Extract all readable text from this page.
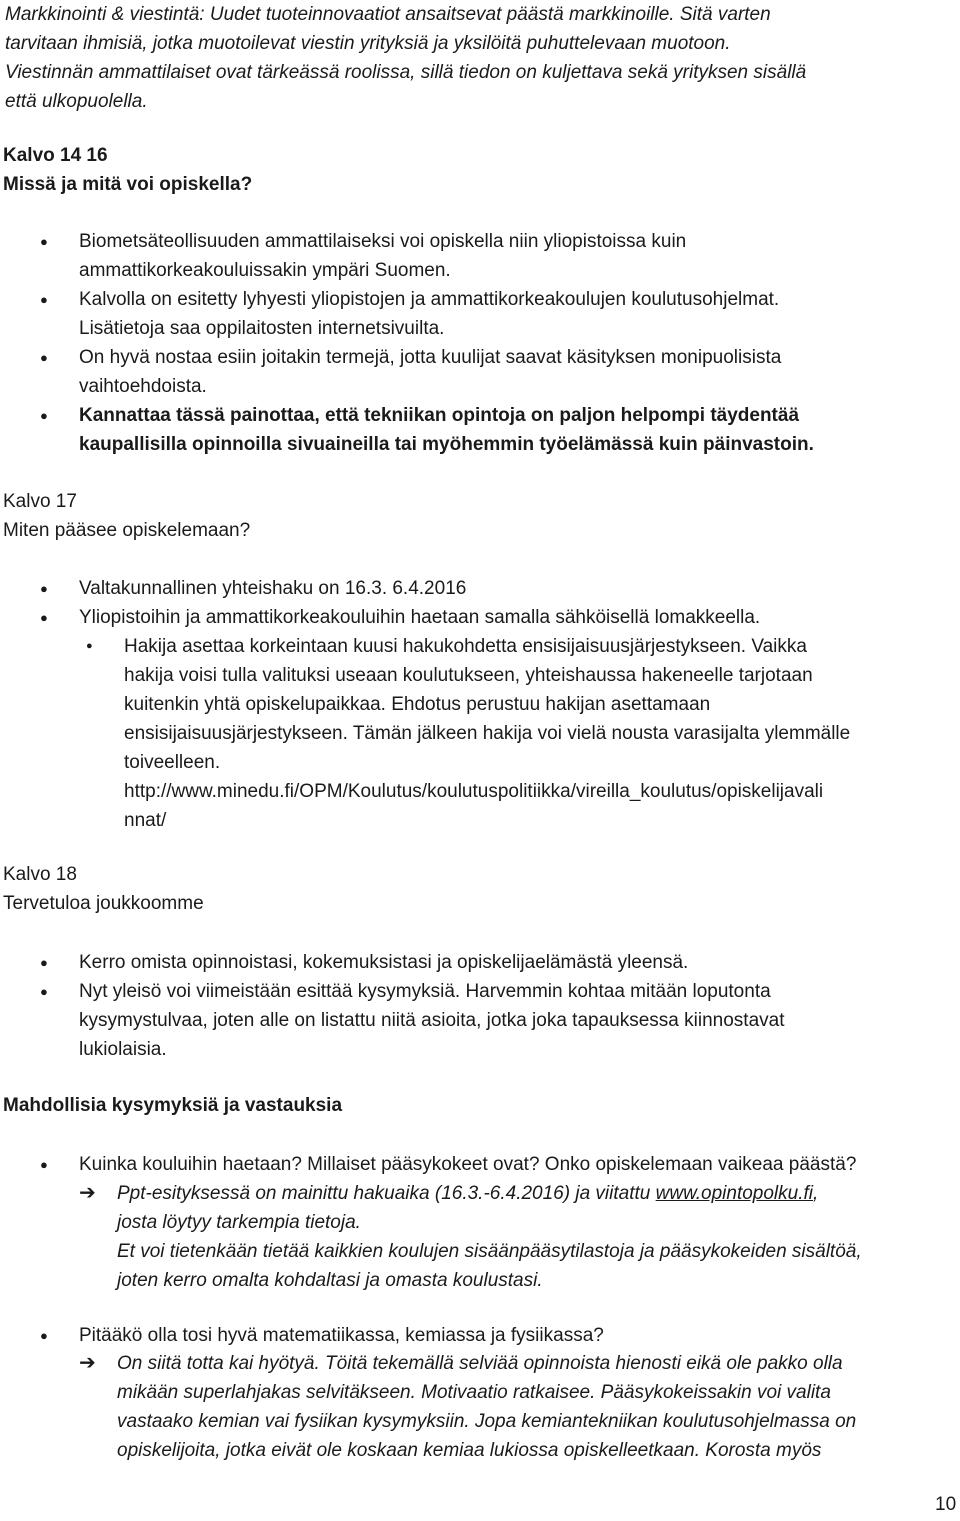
Markkinointi & viestintä: Uudet tuoteinnovaatiot ansaitsevat päästä markkinoille. Sitä varten
tarvitaan ihmisiä, jotka muotoilevat viestin yrityksiä ja yksilöitä puhuttelevaan muotoon.
Viestinnän ammattilaiset ovat tärkeässä roolissa, sillä tiedon on kuljettava sekä yrityksen sisällä
että ulkopuolella.

Kalvo 14 16

Missä ja mitä voi opiskella?

● Biometsäteollisuuden ammattilaiseksi voi opiskella niin yliopistoissa kuin
ammattikorkeakouluissakin ympäri Suomen.

● Kalvolla on esitetty lyhyesti yliopistojen ja ammattikorkeakoulujen koulutusohjelmat.
Lisätietoja saa oppilaitosten internetsivuilta.

● On hyvä nostaa esiin joitakin termejä, jotta kuulijat saavat käsityksen monipuolisista
vaihtoehdoista.

● Kannattaa tässä painottaa, että tekniikan opintoja on paljon helpompi täydentää
kaupallisilla opinnoilla sivuaineilla tai myöhemmin työelämässä kuin päinvastoin.

Kalvo 17

Miten pääsee opiskelemaan?

● Valtakunnallinen yhteishaku on 16.3. 6.4.2016

● Yliopistoihin ja ammattikorkeakouluihin haetaan samalla sähköisellä lomakkeella.

● Hakija asettaa korkeintaan kuusi hakukohdetta ensisijaisuusjärjestykseen. Vaikka
hakija voisi tulla valituksi useaan koulutukseen, yhteishaussa hakeneelle tarjotaan
kuitenkin yhtä opiskelupaikkaa. Ehdotus perustuu hakijan asettamaan
ensisijaisuusjärjestykseen. Tämän jälkeen hakija voi vielä nousta varasijalta ylemmälle
toiveelleen.
http://www.minedu.fi/OPM/Koulutus/koulutuspolitiikka/vireilla_koulutus/opiskelijavali
nnat/

Kalvo 18

Tervetuloa joukkoomme

● Kerro omista opinnoistasi, kokemuksistasi ja opiskelijaelämästä yleensä.

● Nyt yleisö voi viimeistään esittää kysymyksiä. Harvemmin kohtaa mitään loputonta
kysymystulvaa, joten alle on listattu niitä asioita, jotka joka tapauksessa kiinnostavat
lukiolaisia.

Mahdollisia kysymyksiä ja vastauksia

● Kuinka kouluihin haetaan? Millaiset pääsykokeet ovat? Onko opiskelemaan vaikeaa päästä?

➔ Ppt-esityksessä on mainittu hakuaika (16.3.-6.4.2016) ja viitattu www.opintopolku.fi,
josta löytyy tarkempia tietoja.
Et voi tietenkään tietää kaikkien koulujen sisäänpääsytilastoja ja pääsykokeiden sisältöä,
joten kerro omalta kohdaltasi ja omasta koulustasi.

● Pitääkö olla tosi hyvä matematiikassa, kemiassa ja fysiikassa?

➔ On siitä totta kai hyötyä. Töitä tekemällä selviää opinnoista hienosti eikä ole pakko olla
mikään superlahjakas selvitäkseen. Motivaatio ratkaisee. Pääsykokeissakin voi valita
vastaako kemian vai fysiikan kysymyksiin. Jopa kemiantekniikan koulutusohjelmassa on
opiskelijoita, jotka eivät ole koskaan kemiaa lukiossa opiskelleetkaan. Korosta myös

10
